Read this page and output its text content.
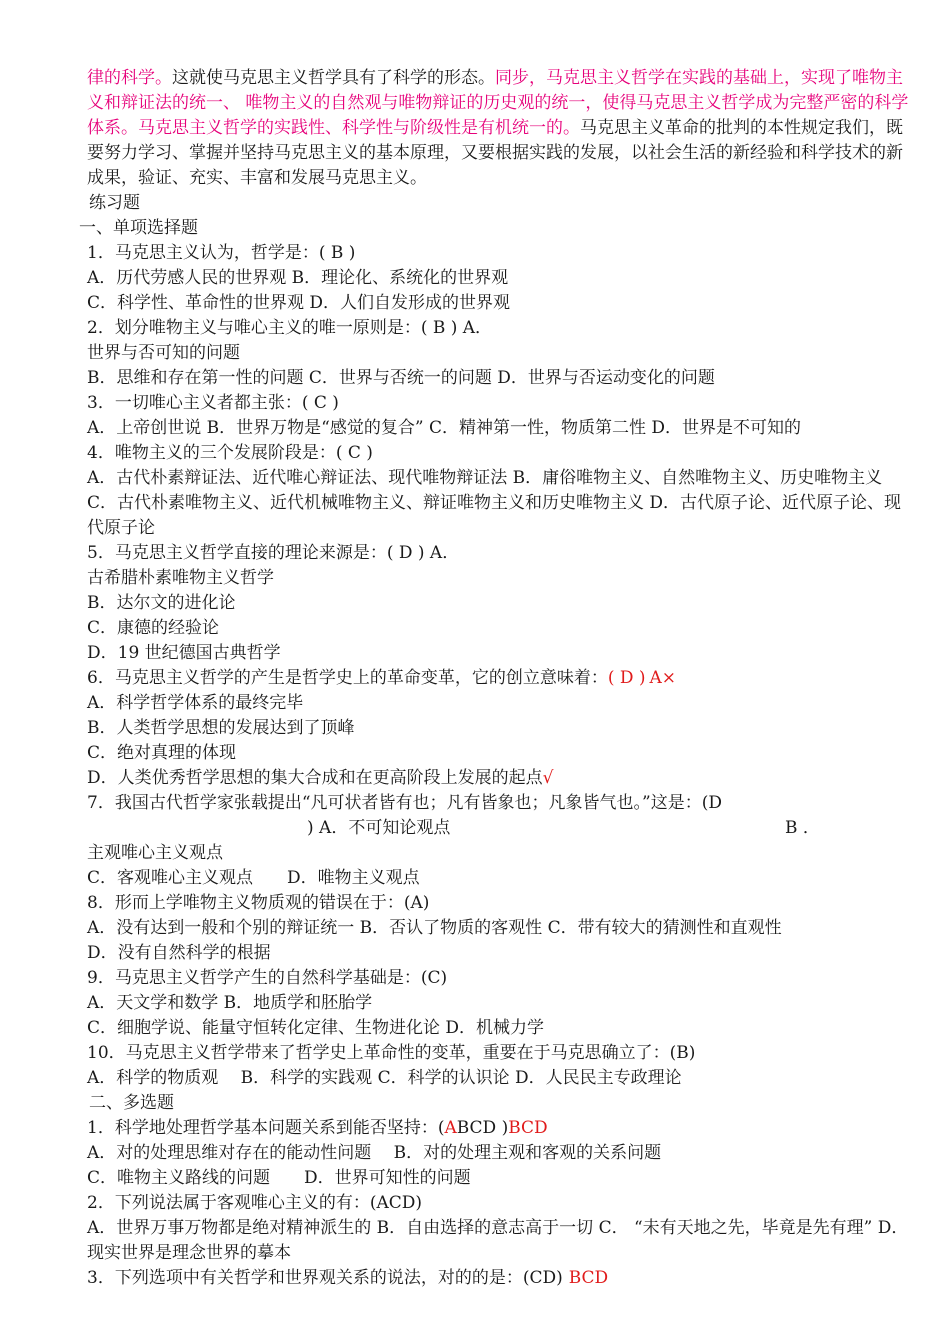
律的科学。这就使马克思主义哲学具有了科学的形态。同步，马克思主义哲学在实践的基础上，实现了唯物主义和辩证法的统一、 唯物主义的自然观与唯物辩证的历史观的统一，使得马克思主义哲学成为完整严密的科学体系。马克思主义哲学的实践性、科学性与阶级性是有机统一的。马克思主义革命的批判的本性规定我们，既要努力学习、掌握并坚持马克思主义的基本原理，又要根据实践的发展，以社会生活的新经验和科学技术的新成果，验证、充实、丰富和发展马克思主义。
练习题
一、单项选择题
1．马克思主义认为，哲学是：( B )
A．历代劳感人民的世界观 B．理论化、系统化的世界观
C．科学性、革命性的世界观 D．人们自发形成的世界观
2．划分唯物主义与唯心主义的唯一原则是：( B ) A．
世界与否可知的问题
B．思维和存在第一性的问题 C．世界与否统一的问题 D．世界与否运动变化的问题
3．一切唯心主义者都主张：( C )
A．上帝创世说 B．世界万物是“感觉的复合” C．精神第一性，物质第二性 D．世界是不可知的
4．唯物主义的三个发展阶段是：( C )
A．古代朴素辩证法、近代唯心辩证法、现代唯物辩证法 B．庸俗唯物主义、自然唯物主义、历史唯物主义 C．古代朴素唯物主义、近代机械唯物主义、辩证唯物主义和历史唯物主义 D．古代原子论、近代原子论、现代原子论
5．马克思主义哲学直接的理论来源是：( D ) A．
古希腊朴素唯物主义哲学
B．达尔文的进化论
C．康德的经验论
D．19 世纪德国古典哲学
6．马克思主义哲学的产生是哲学史上的革命变革，它的创立意味着：( D ) A×
A．科学哲学体系的最终完毕
B．人类哲学思想的发展达到了顶峰
C．绝对真理的体现
D．人类优秀哲学思想的集大合成和在更高阶段上发展的起点√
7．我国古代哲学家张载提出“凡可状者皆有也；凡有皆象也；凡象皆气也。”这是：(D
) A．不可知论观点	B ．
主观唯心主义观点
C．客观唯心主义观点　　D．唯物主义观点
8．形而上学唯物主义物质观的错误在于：(A)
A．没有达到一般和个别的辩证统一 B．否认了物质的客观性 C．带有较大的猜测性和直观性
D．没有自然科学的根据
9．马克思主义哲学产生的自然科学基础是：(C)
A．天文学和数学 B．地质学和胚胎学
C．细胞学说、能量守恒转化定律、生物进化论 D．机械力学
10．马克思主义哲学带来了哲学史上革命性的变革，重要在于马克思确立了：(B)
A．科学的物质观　 B．科学的实践观 C．科学的认识论 D．人民民主专政理论
二、多选题
1．科学地处理哲学基本问题关系到能否坚持：(ABCD )BCD
A．对的处理思维对存在的能动性问题　 B．对的处理主观和客观的关系问题
C．唯物主义路线的问题　　D．世界可知性的问题
2．下列说法属于客观唯心主义的有：(ACD)
A．世界万事万物都是绝对精神派生的 B．自由选择的意志高于一切 C． “未有天地之先，毕竟是先有理” D．现实世界是理念世界的摹本
3．下列选项中有关哲学和世界观关系的说法，对的的是：(CD) BCD
